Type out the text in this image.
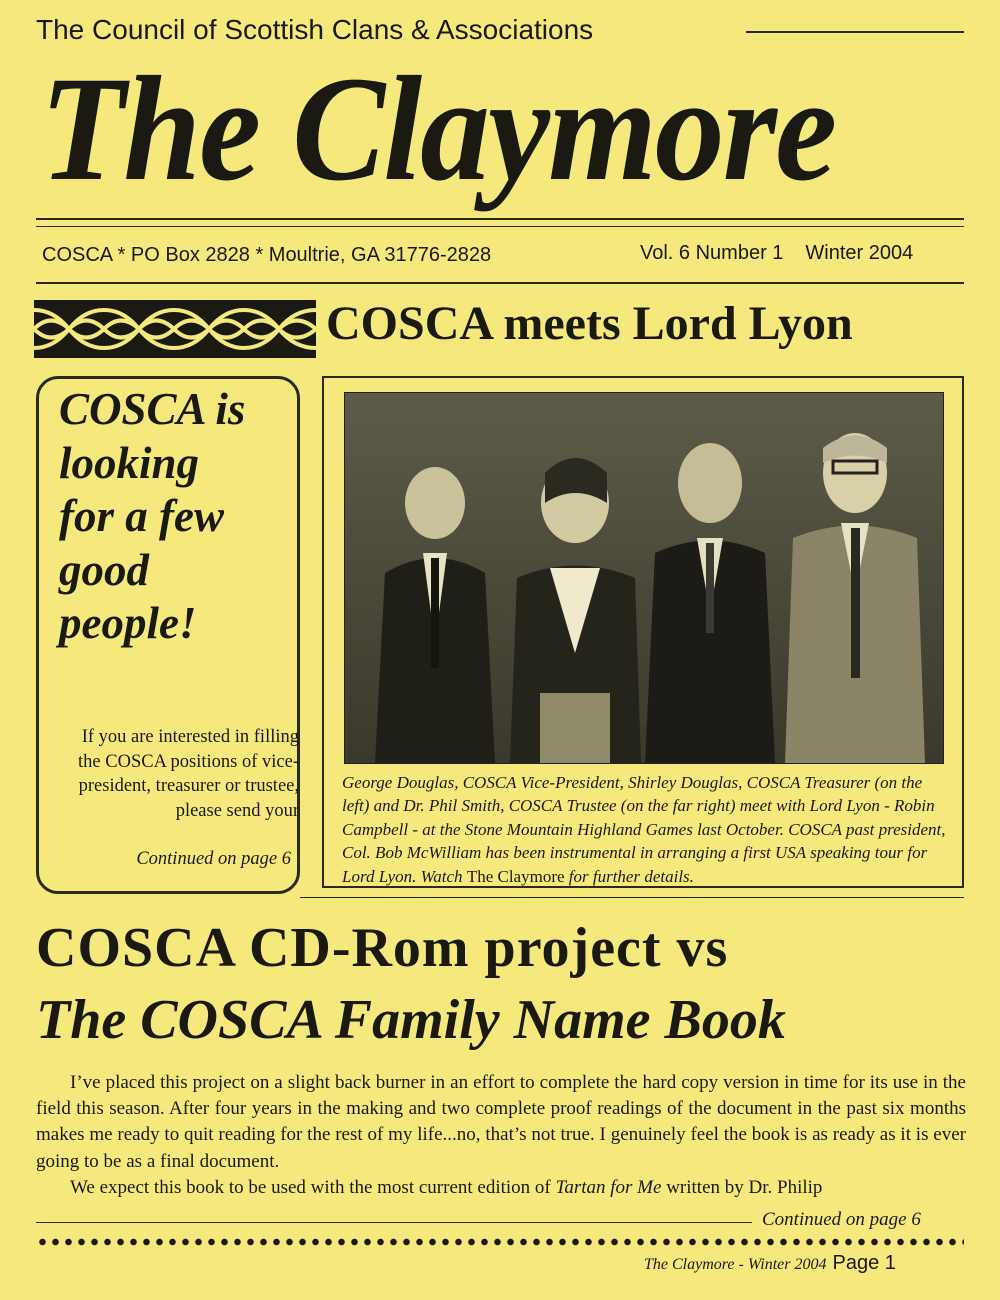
The Council of Scottish Clans & Associations
The Claymore
COSCA * PO Box 2828 * Moultrie, GA 31776-2828	Vol. 6 Number 1 Winter 2004
COSCA meets Lord Lyon
COSCA is
looking
for a few
good
people!
If you are interested in filling the COSCA positions of vice-president, treasurer or trustee, please send your
Continued on page 6
George Douglas, COSCA Vice-President, Shirley Douglas, COSCA Treasurer (on the left) and Dr. Phil Smith, COSCA Trustee (on the far right) meet with Lord Lyon - Robin Campbell - at the Stone Mountain Highland Games last October. COSCA past president, Col. Bob McWilliam has been instrumental in arranging a first USA speaking tour for Lord Lyon. Watch The Claymore for further details.
COSCA CD-Rom project vs
The COSCA Family Name Book

I’ve placed this project on a slight back burner in an effort to complete the hard copy version in time for its use in the field this season. After four years in the making and two complete proof readings of the document in the past six months makes me ready to quit reading for the rest of my life...no, that’s not true. I genuinely feel the book is as ready as it is ever going to be as a final document.

We expect this book to be used with the most current edition of Tartan for Me written by Dr. Philip

Continued on page 6
The Claymore - Winter 2004 Page 1
